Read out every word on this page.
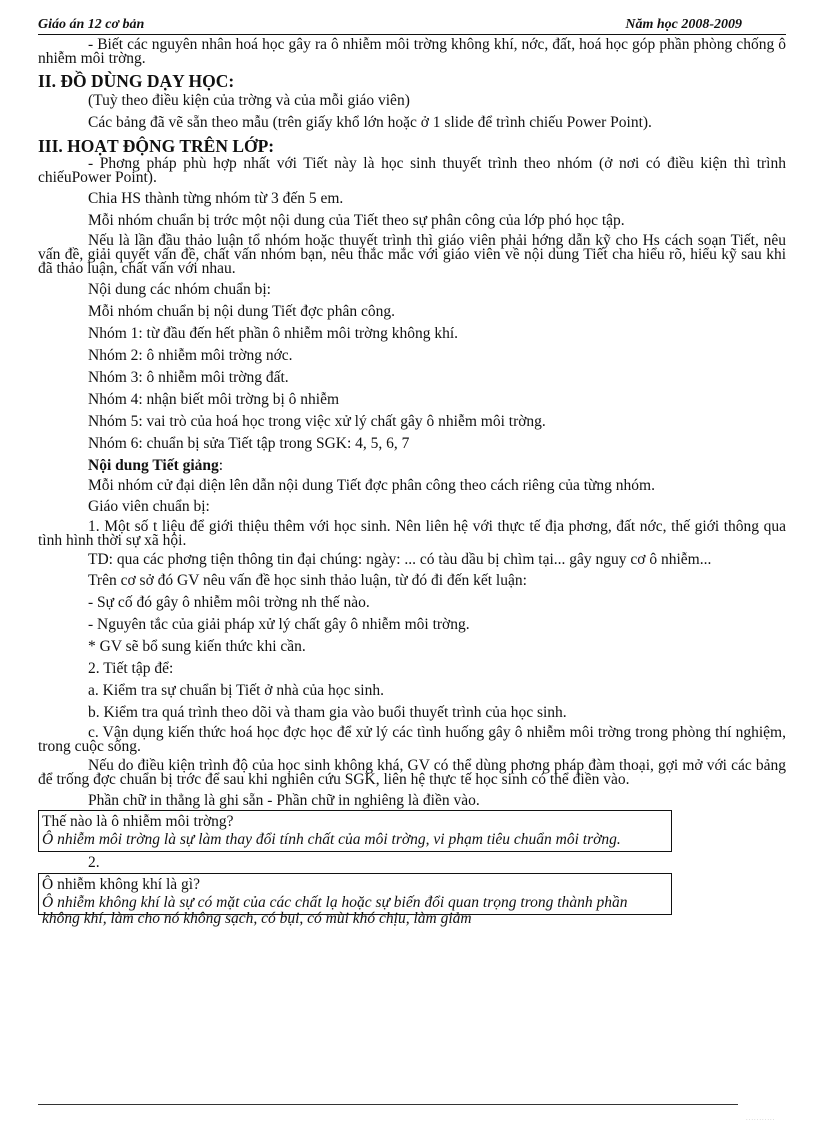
Giáo án 12 cơ bản	Năm học 2008-2009
- Biết các nguyên nhân hoá học gây ra ô nhiễm môi trờng không khí, nớc, đất, hoá học góp phần phòng chống ô nhiễm môi trờng.
II. ĐỒ DÙNG DẠY HỌC:
(Tuỳ theo điều kiện của trờng và của mỗi giáo viên)
Các bảng đã vẽ sẵn theo mẫu (trên giấy khổ lớn hoặc ở 1 slide để trình chiếu Power Point).
III. HOẠT ĐỘNG TRÊN LỚP:
- Phơng pháp phù hợp nhất với Tiết này là học sinh thuyết trình theo nhóm (ở nơi có điều kiện thì trình chiếuPower Point).
Chia HS thành từng nhóm từ 3 đến 5 em.
Mỗi nhóm chuẩn bị trớc một nội dung của Tiết theo sự phân công của lớp phó học tập.
Nếu là lần đầu thảo luận tổ nhóm hoặc thuyết trình thì giáo viên phải hớng dẫn kỹ cho Hs cách soạn Tiết, nêu vấn đề, giải quyết vấn đề, chất vấn nhóm bạn, nêu thắc mắc với giáo viên về nội dung Tiết cha hiểu rõ, hiểu kỹ sau khi đã thảo luận, chất vấn với nhau.
Nội dung các nhóm chuẩn bị:
Mỗi nhóm chuẩn bị nội dung Tiết đợc phân công.
Nhóm 1: từ đầu đến hết phần ô nhiễm môi trờng không khí.
Nhóm 2: ô nhiễm môi trờng nớc.
Nhóm 3: ô nhiễm môi trờng đất.
Nhóm 4: nhận biết môi trờng bị ô nhiễm
Nhóm 5: vai trò của hoá học trong việc xử lý chất gây ô nhiễm môi trờng.
Nhóm 6: chuẩn bị sửa Tiết tập trong SGK: 4, 5, 6, 7
Nội dung Tiết giảng:
Mỗi nhóm cử đại diện lên dẫn nội dung Tiết đợc phân công theo cách riêng của từng nhóm.
Giáo viên chuẩn bị:
1. Một số t liệu để giới thiệu thêm với học sinh. Nên liên hệ với thực tế địa phơng, đất nớc, thế giới thông qua tình hình thời sự xã hội.
TD: qua các phơng tiện thông tin đại chúng: ngày: ... có tàu dầu bị chìm tại... gây nguy cơ ô nhiễm...
Trên cơ sở đó GV nêu vấn đề học sinh thảo luận, từ đó đi đến kết luận:
- Sự cố đó gây ô nhiễm môi trờng nh thế nào.
- Nguyên tắc của giải pháp xử lý chất gây ô nhiễm môi trờng.
* GV sẽ bổ sung kiến thức khi cần.
2. Tiết tập để:
a. Kiểm tra sự chuẩn bị Tiết ở nhà của học sinh.
b. Kiểm tra quá trình theo dõi và tham gia vào buổi thuyết trình của học sinh.
c. Vận dụng kiến thức hoá học đợc học để xử lý các tình huống gây ô nhiễm môi trờng trong phòng thí nghiệm, trong cuộc sống.
Nếu do điều kiện trình độ của học sinh không khá, GV có thể dùng phơng pháp đàm thoại, gợi mở với các bảng để trống đợc chuẩn bị trớc để sau khi nghiên cứu SGK, liên hệ thực tế học sinh có thể điền vào.
Phần chữ in thẳng là ghi sẵn - Phần chữ in nghiêng là điền vào.
Thế nào là ô nhiễm môi trờng?
Ô nhiễm môi trờng là sự làm thay đổi tính chất của môi trờng, vi phạm tiêu chuẩn môi trờng.
2.
Ô nhiễm không khí là gì?
Ô nhiễm không khí là sự có mặt của các chất lạ hoặc sự biến đổi quan trọng trong thành phần không khí, làm cho nó không sạch, có bụi, có mùi khó chịu, làm giảm
...........
